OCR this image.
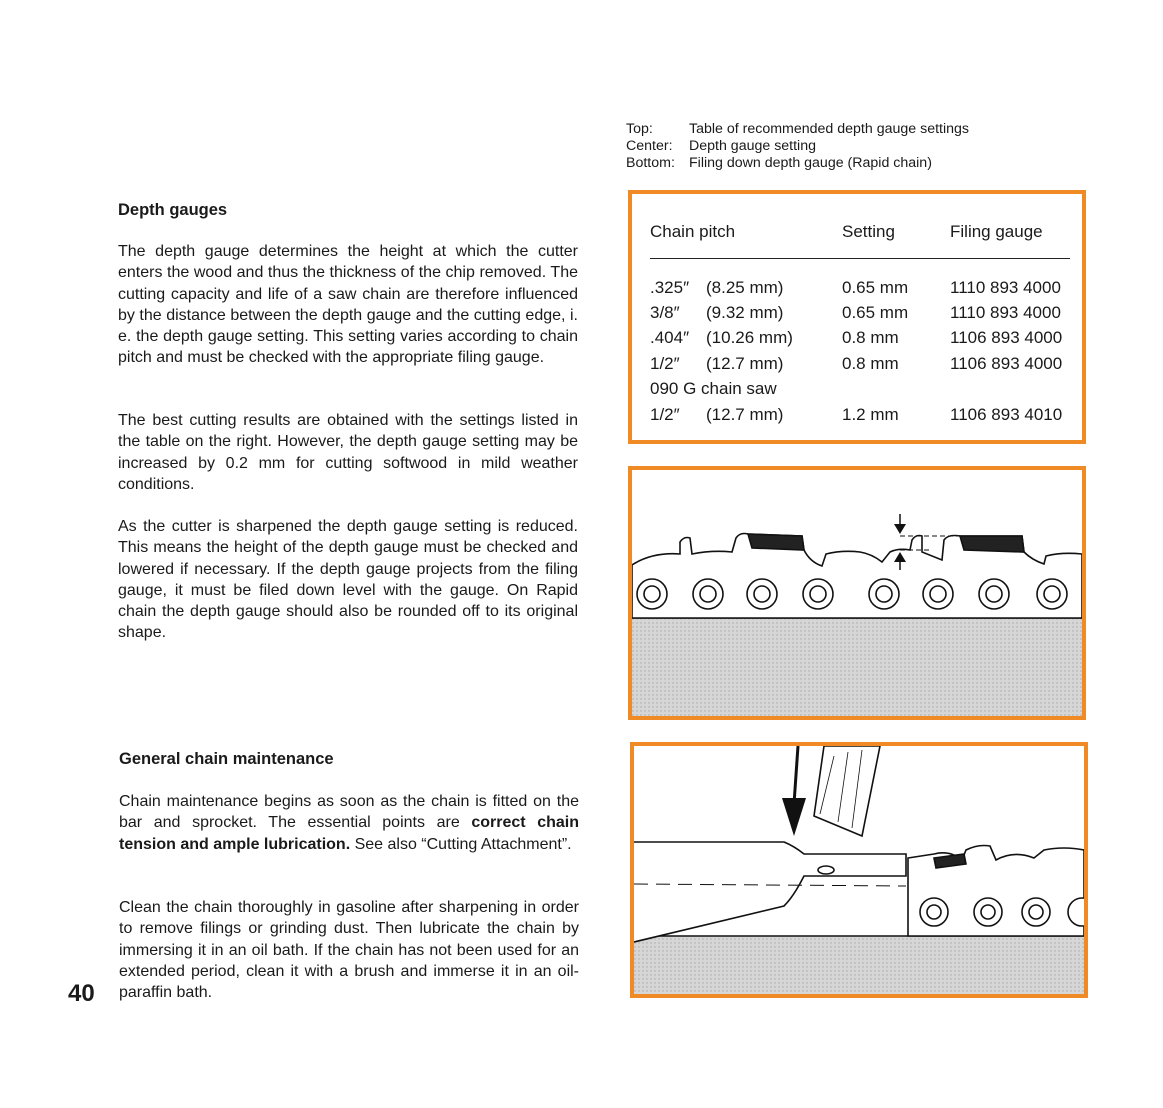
Depth gauges

The depth gauge determines the height at which the cutter enters the wood and thus the thickness of the chip removed. The cutting capacity and life of a saw chain are therefore influenced by the distance between the depth gauge and the cutting edge, i. e. the depth gauge setting. This setting varies according to chain pitch and must be checked with the appropriate filing gauge.

The best cutting results are obtained with the settings listed in the table on the right. However, the depth gauge setting may be increased by 0.2 mm for cutting softwood in mild weather conditions.

As the cutter is sharpened the depth gauge setting is reduced. This means the height of the depth gauge must be checked and lowered if necessary. If the depth gauge projects from the filing gauge, it must be filed down level with the gauge. On Rapid chain the depth gauge should also be rounded off to its original shape.

General chain maintenance

Chain maintenance begins as soon as the chain is fitted on the bar and sprocket. The essential points are correct chain tension and ample lubrication. See also “Cutting Attachment”.

Clean the chain thoroughly in gasoline after sharpening in order to remove filings or grinding dust. Then lubricate the chain by immersing it in an oil bath. If the chain has not been used for an extended period, clean it with a brush and immerse it in an oil-paraffin bath.

40
Top:	Table of recommended depth gauge settings
Center:	Depth gauge setting
Bottom: Filing down depth gauge (Rapid chain)
Chain pitch	Setting	Filing gauge

.325″ (8.25 mm)	0.65 mm	1110 893 4000
3/8″ (9.32 mm)	0.65 mm	1110 893 4000
.404″ (10.26 mm)	0.8 mm	1106 893 4000
1/2″ (12.7 mm)	0.8 mm	1106 893 4000
090 G chain saw		
1/2″ (12.7 mm)	1.2 mm	1106 893 4010
